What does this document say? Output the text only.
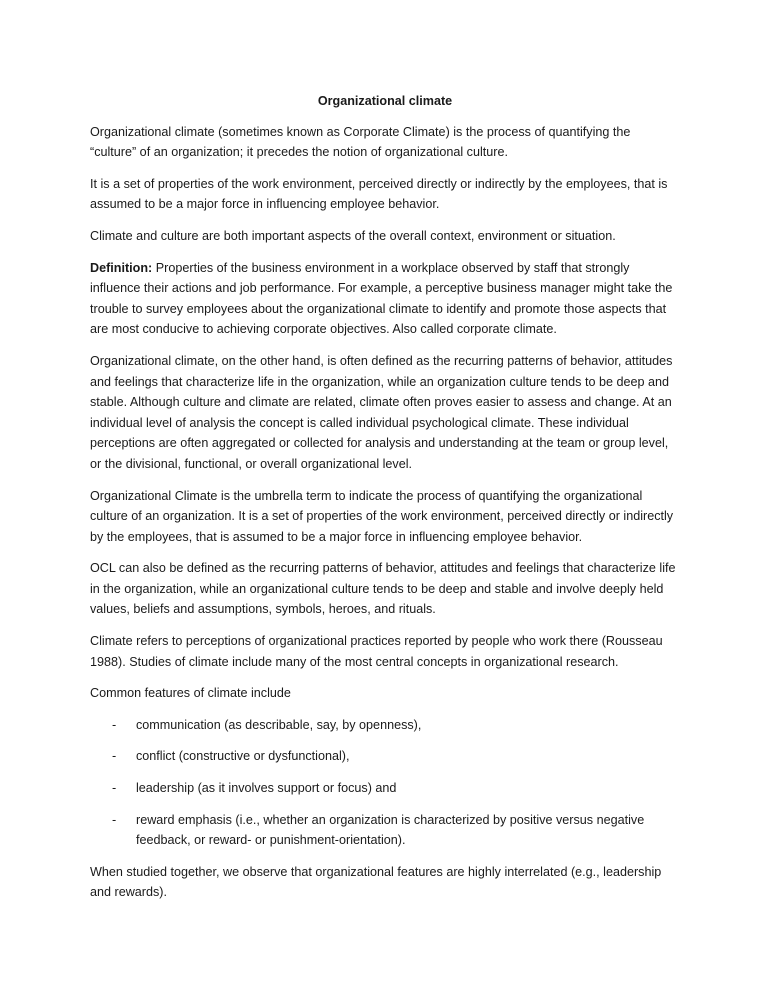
Organizational climate

Organizational climate (sometimes known as Corporate Climate) is the process of quantifying the “culture” of an organization; it precedes the notion of organizational culture.

It is a set of properties of the work environment, perceived directly or indirectly by the employees, that is assumed to be a major force in influencing employee behavior.

Climate and culture are both important aspects of the overall context, environment or situation.

Definition: Properties of the business environment in a workplace observed by staff that strongly influence their actions and job performance. For example, a perceptive business manager might take the trouble to survey employees about the organizational climate to identify and promote those aspects that are most conducive to achieving corporate objectives. Also called corporate climate.

Organizational climate, on the other hand, is often defined as the recurring patterns of behavior, attitudes and feelings that characterize life in the organization, while an organization culture tends to be deep and stable. Although culture and climate are related, climate often proves easier to assess and change. At an individual level of analysis the concept is called individual psychological climate. These individual perceptions are often aggregated or collected for analysis and understanding at the team or group level, or the divisional, functional, or overall organizational level.

Organizational Climate is the umbrella term to indicate the process of quantifying the organizational culture of an organization. It is a set of properties of the work environment, perceived directly or indirectly by the employees, that is assumed to be a major force in influencing employee behavior.

OCL can also be defined as the recurring patterns of behavior, attitudes and feelings that characterize life in the organization, while an organizational culture tends to be deep and stable and involve deeply held values, beliefs and assumptions, symbols, heroes, and rituals.

Climate refers to perceptions of organizational practices reported by people who work there (Rousseau 1988). Studies of climate include many of the most central concepts in organizational research.

Common features of climate include

- communication (as describable, say, by openness),
- conflict (constructive or dysfunctional),
- leadership (as it involves support or focus) and
- reward emphasis (i.e., whether an organization is characterized by positive versus negative feedback, or reward- or punishment-orientation).

When studied together, we observe that organizational features are highly interrelated (e.g., leadership and rewards).
